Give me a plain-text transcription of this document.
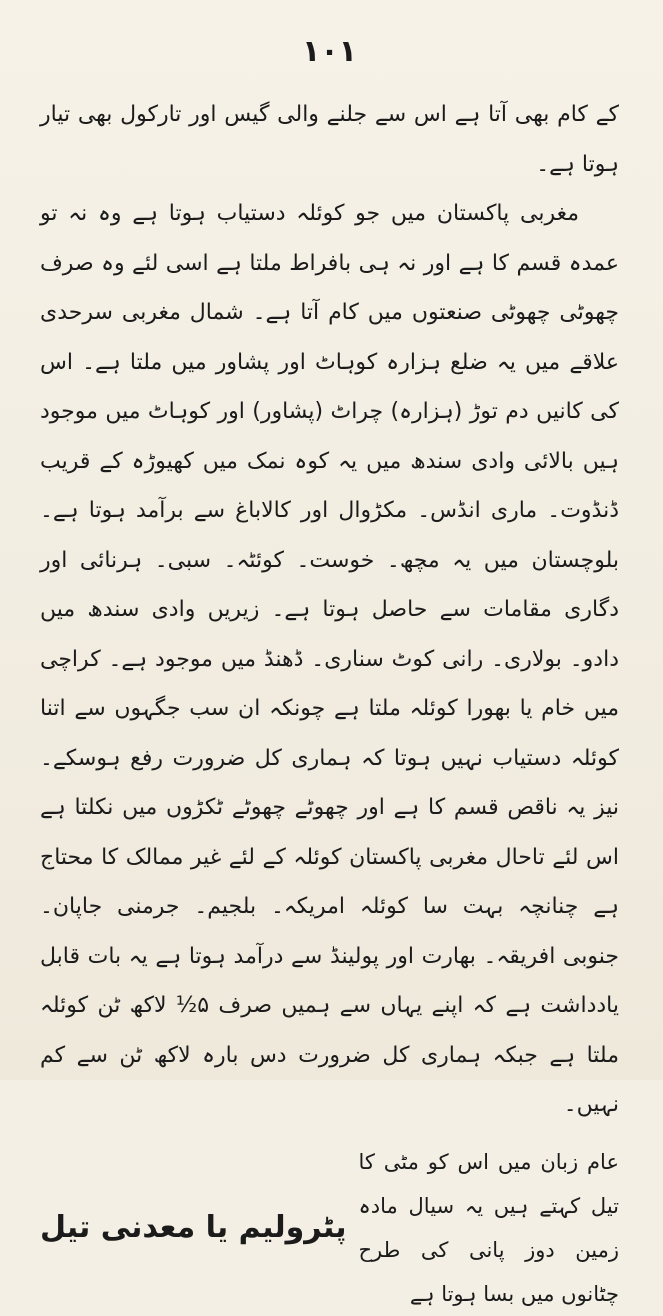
١٠١
کے کام بھی آتا ہے اس سے جلنے والی گیس اور تارکول بھی تیار ہوتا ہے۔
مغربی پاکستان میں جو کوئلہ دستیاب ہوتا ہے وہ نہ تو عمدہ قسم کا ہے اور نہ ہی بافراط ملتا ہے اسی لئے وہ صرف چھوٹی چھوٹی صنعتوں میں کام آتا ہے۔ شمال مغربی سرحدی علاقے میں یہ ضلع ہزارہ کوہاٹ اور پشاور میں ملتا ہے۔ اس کی کانیں دم توڑ (ہزارہ) چراٹ (پشاور) اور کوہاٹ میں موجود ہیں بالائی وادی سندھ میں یہ کوہ نمک میں کھیوڑہ کے قریب ڈنڈوت۔ ماری انڈس۔ مکڑوال اور کالاباغ سے برآمد ہوتا ہے۔ بلوچستان میں یہ مچھ۔ خوست۔ کوئٹہ۔ سبی۔ ہرنائی اور دگاری مقامات سے حاصل ہوتا ہے۔ زیریں وادی سندھ میں دادو۔ بولاری۔ رانی کوٹ سناری۔ ڈھنڈ میں موجود ہے۔ کراچی میں خام یا بھورا کوئلہ ملتا ہے چونکہ ان سب جگہوں سے اتنا کوئلہ دستیاب نہیں ہوتا کہ ہماری کل ضرورت رفع ہوسکے۔ نیز یہ ناقص قسم کا ہے اور چھوٹے چھوٹے ٹکڑوں میں نکلتا ہے اس لئے تاحال مغربی پاکستان کوئلہ کے لئے غیر ممالک کا محتاج ہے چنانچہ بہت سا کوئلہ امریکہ۔ بلجیم۔ جرمنی جاپان۔ جنوبی افریقہ۔ بھارت اور پولینڈ سے درآمد ہوتا ہے یہ بات قابل یادداشت ہے کہ اپنے یہاں سے ہمیں صرف ۵½ لاکھ ٹن کوئلہ ملتا ہے جبکہ ہماری کل ضرورت دس بارہ لاکھ ٹن سے کم نہیں۔
عام زبان میں اس کو مٹی کا تیل کہتے ہیں یہ سیال مادہ زمین دوز پانی کی طرح چٹانوں میں بسا ہوتا ہے
پٹرولیم یا معدنی تیل
